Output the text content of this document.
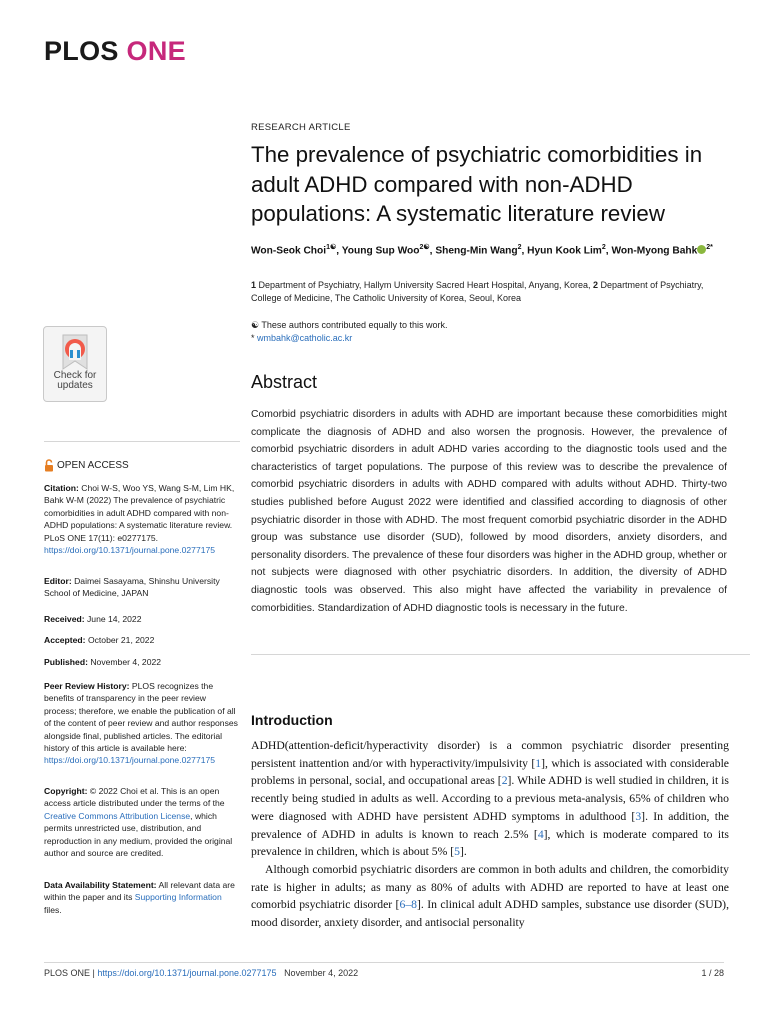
PLOS ONE
Check for
updates
OPEN ACCESS
Citation: Choi W-S, Woo YS, Wang S-M, Lim HK, Bahk W-M (2022) The prevalence of psychiatric comorbidities in adult ADHD compared with non-ADHD populations: A systematic literature review. PLoS ONE 17(11): e0277175. https://doi.org/10.1371/journal.pone.0277175
Editor: Daimei Sasayama, Shinshu University School of Medicine, JAPAN
Received: June 14, 2022
Accepted: October 21, 2022
Published: November 4, 2022
Peer Review History: PLOS recognizes the benefits of transparency in the peer review process; therefore, we enable the publication of all of the content of peer review and author responses alongside final, published articles. The editorial history of this article is available here: https://doi.org/10.1371/journal.pone.0277175
Copyright: © 2022 Choi et al. This is an open access article distributed under the terms of the Creative Commons Attribution License, which permits unrestricted use, distribution, and reproduction in any medium, provided the original author and source are credited.
Data Availability Statement: All relevant data are within the paper and its Supporting Information files.
RESEARCH ARTICLE
The prevalence of psychiatric comorbidities in adult ADHD compared with non-ADHD populations: A systematic literature review
Won-Seok Choi$^{1☯}$, Young Sup Woo$^{2☯}$, Sheng-Min Wang$^2$, Hyun Kook Lim$^2$, Won-Myong Bahk $^{2*}$
1 Department of Psychiatry, Hallym University Sacred Heart Hospital, Anyang, Korea, 2 Department of Psychiatry, College of Medicine, The Catholic University of Korea, Seoul, Korea
☯ These authors contributed equally to this work.
* wmbahk@catholic.ac.kr
Abstract
Comorbid psychiatric disorders in adults with ADHD are important because these comorbidities might complicate the diagnosis of ADHD and also worsen the prognosis. However, the prevalence of comorbid psychiatric disorders in adult ADHD varies according to the diagnostic tools used and the characteristics of target populations. The purpose of this review was to describe the prevalence of comorbid psychiatric disorders in adults with ADHD compared with adults without ADHD. Thirty-two studies published before August 2022 were identified and classified according to diagnosis of other psychiatric disorder in those with ADHD. The most frequent comorbid psychiatric disorder in the ADHD group was substance use disorder (SUD), followed by mood disorders, anxiety disorders, and personality disorders. The prevalence of these four disorders was higher in the ADHD group, whether or not subjects were diagnosed with other psychiatric disorders. In addition, the diversity of ADHD diagnostic tools was observed. This also might have affected the variability in prevalence of comorbidities. Standardization of ADHD diagnostic tools is necessary in the future.
Introduction

ADHD(attention-deficit/hyperactivity disorder) is a common psychiatric disorder presenting persistent inattention and/or with hyperactivity/impulsivity [1], which is associated with considerable problems in personal, social, and occupational areas [2]. While ADHD is well studied in children, it is recently being studied in adults as well. According to a previous meta-analysis, 65% of children who were diagnosed with ADHD have persistent ADHD symptoms in adulthood [3]. In addition, the prevalence of ADHD in adults is known to reach 2.5% [4], which is moderate compared to its prevalence in children, which is about 5% [5].

Although comorbid psychiatric disorders are common in both adults and children, the comorbidity rate is higher in adults; as many as 80% of adults with ADHD are reported to have at least one comorbid psychiatric disorder [6–8]. In clinical adult ADHD samples, substance use disorder (SUD), mood disorder, anxiety disorder, and antisocial personality

PLOS ONE | https://doi.org/10.1371/journal.pone.0277175 November 4, 2022	1 / 28
